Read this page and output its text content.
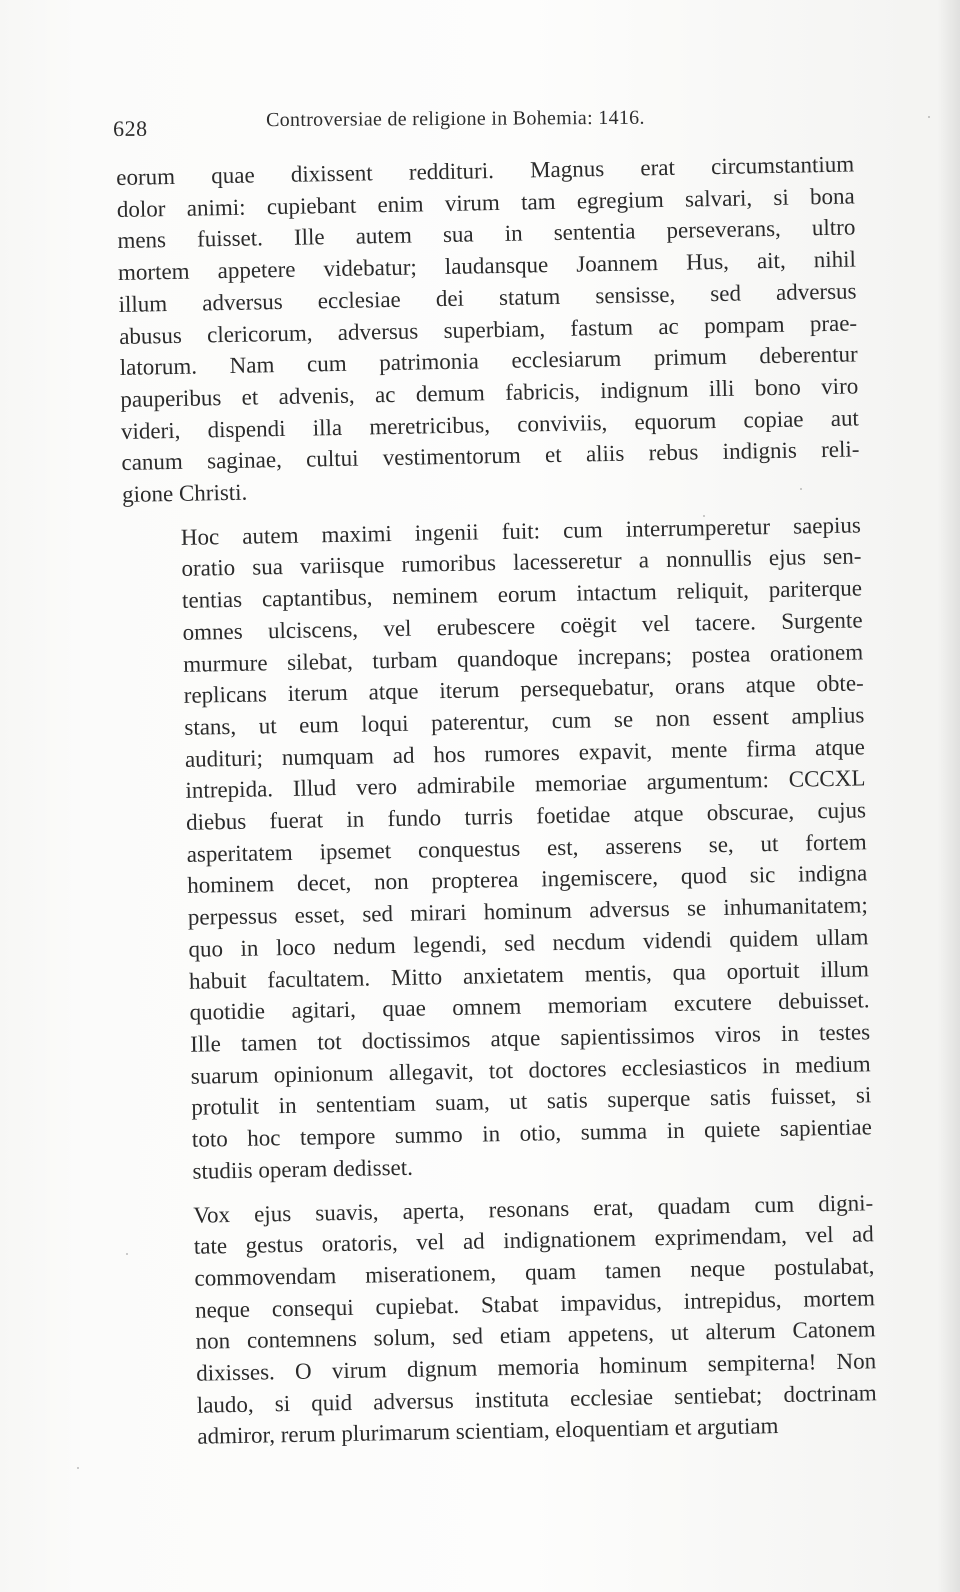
628	Controversiae de religione in Bohemia: 1416.
eorum quae dixissent reddituri. Magnus erat circumstantium
dolor animi: cupiebant enim virum tam egregium salvari, si bona
mens fuisset. Ille autem sua in sententia perseverans, ultro
mortem appetere videbatur; laudansque Joannem Hus, ait, nihil
illum adversus ecclesiae dei statum sensisse, sed adversus
abusus clericorum, adversus superbiam, fastum ac pompam prae-
latorum. Nam cum patrimonia ecclesiarum primum deberentur
pauperibus et advenis, ac demum fabricis, indignum illi bono viro
videri, dispendi illa meretricibus, conviviis, equorum copiae aut
canum saginae, cultui vestimentorum et aliis rebus indignis reli-
gione Christi.
Hoc autem maximi ingenii fuit: cum interrumperetur saepius
oratio sua variisque rumoribus lacesseretur a nonnullis ejus sen-
tentias captantibus, neminem eorum intactum reliquit, pariterque
omnes ulciscens, vel erubescere coëgit vel tacere. Surgente
murmure silebat, turbam quandoque increpans; postea orationem
replicans iterum atque iterum persequebatur, orans atque obte-
stans, ut eum loqui paterentur, cum se non essent amplius
audituri; numquam ad hos rumores expavit, mente firma atque
intrepida. Illud vero admirabile memoriae argumentum: CCCXL
diebus fuerat in fundo turris foetidae atque obscurae, cujus
asperitatem ipsemet conquestus est, asserens se, ut fortem
hominem decet, non propterea ingemiscere, quod sic indigna
perpessus esset, sed mirari hominum adversus se inhumanitatem;
quo in loco nedum legendi, sed necdum videndi quidem ullam
habuit facultatem. Mitto anxietatem mentis, qua oportuit illum
quotidie agitari, quae omnem memoriam excutere debuisset.
Ille tamen tot doctissimos atque sapientissimos viros in testes
suarum opinionum allegavit, tot doctores ecclesiasticos in medium
protulit in sententiam suam, ut satis superque satis fuisset, si
toto hoc tempore summo in otio, summa in quiete sapientiae
studiis operam dedisset.
Vox ejus suavis, aperta, resonans erat, quadam cum digni-
tate gestus oratoris, vel ad indignationem exprimendam, vel ad
commovendam miserationem, quam tamen neque postulabat,
neque consequi cupiebat. Stabat impavidus, intrepidus, mortem
non contemnens solum, sed etiam appetens, ut alterum Catonem
dixisses. O virum dignum memoria hominum sempiterna! Non
laudo, si quid adversus instituta ecclesiae sentiebat; doctrinam
admiror, rerum plurimarum scientiam, eloquentiam et argutiam
